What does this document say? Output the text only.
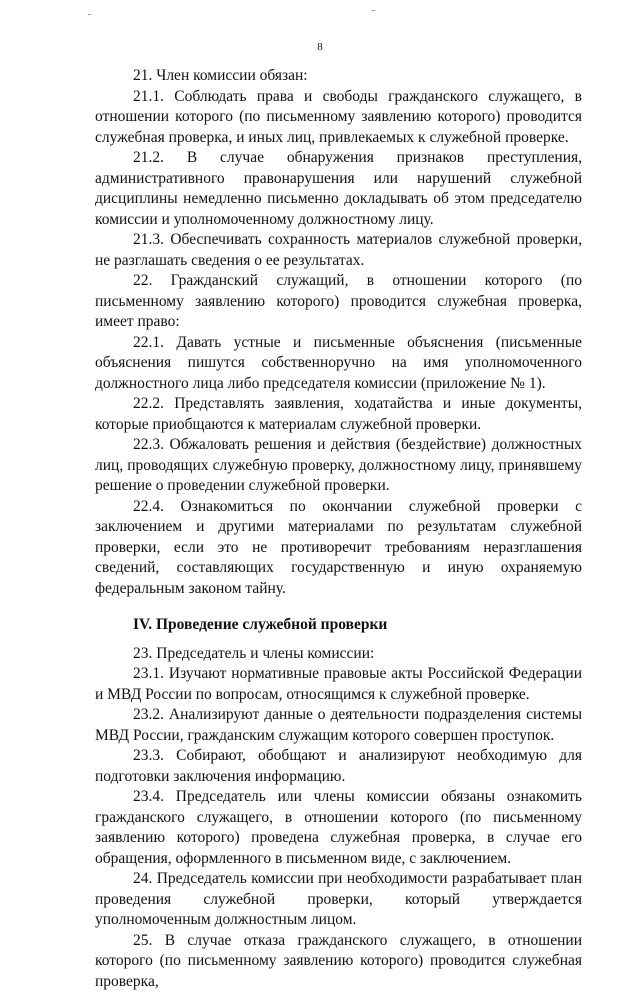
8

21. Член комиссии обязан:

21.1. Соблюдать права и свободы гражданского служащего, в отношении которого (по письменному заявлению которого) проводится служебная проверка, и иных лиц, привлекаемых к служебной проверке.

21.2. В случае обнаружения признаков преступления, административного правонарушения или нарушений служебной дисциплины немедленно письменно докладывать об этом председателю комиссии и уполномоченному должностному лицу.

21.3. Обеспечивать сохранность материалов служебной проверки, не разглашать сведения о ее результатах.

22. Гражданский служащий, в отношении которого (по письменному заявлению которого) проводится служебная проверка, имеет право:

22.1. Давать устные и письменные объяснения (письменные объяснения пишутся собственноручно на имя уполномоченного должностного лица либо председателя комиссии (приложение № 1).

22.2. Представлять заявления, ходатайства и иные документы, которые приобщаются к материалам служебной проверки.

22.3. Обжаловать решения и действия (бездействие) должностных лиц, проводящих служебную проверку, должностному лицу, принявшему решение о проведении служебной проверки.

22.4. Ознакомиться по окончании служебной проверки с заключением и другими материалами по результатам служебной проверки, если это не противоречит требованиям неразглашения сведений, составляющих государственную и иную охраняемую федеральным законом тайну.

IV. Проведение служебной проверки

23. Председатель и члены комиссии:

23.1. Изучают нормативные правовые акты Российской Федерации и МВД России по вопросам, относящимся к служебной проверке.

23.2. Анализируют данные о деятельности подразделения системы МВД России, гражданским служащим которого совершен проступок.

23.3. Собирают, обобщают и анализируют необходимую для подготовки заключения информацию.

23.4. Председатель или члены комиссии обязаны ознакомить гражданского служащего, в отношении которого (по письменному заявлению которого) проведена служебная проверка, в случае его обращения, оформленного в письменном виде, с заключением.

24. Председатель комиссии при необходимости разрабатывает план проведения служебной проверки, который утверждается уполномоченным должностным лицом.

25. В случае отказа гражданского служащего, в отношении которого (по письменному заявлению которого) проводится служебная проверка,
